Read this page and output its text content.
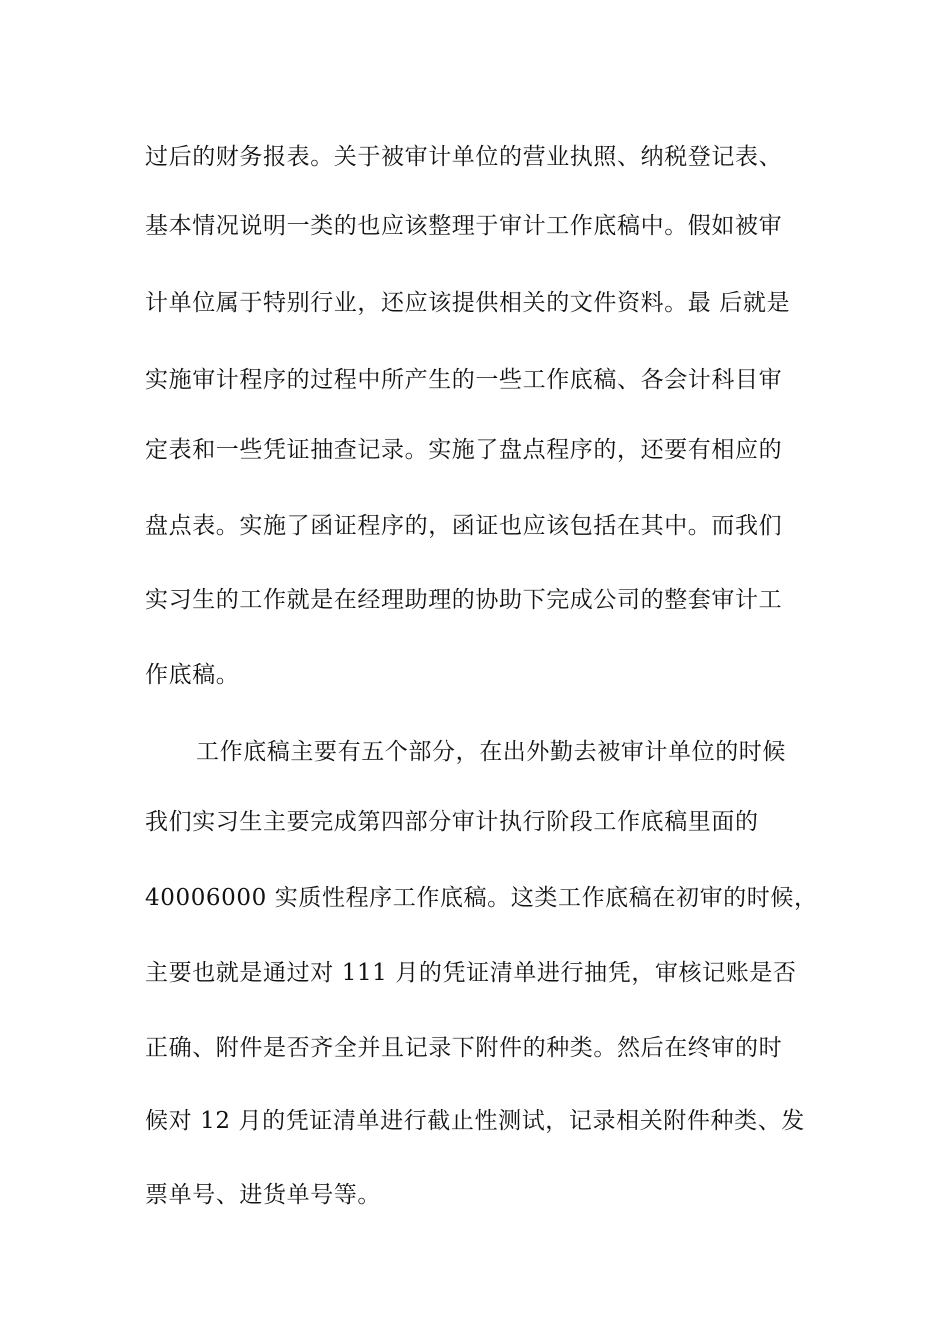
过后的财务报表。关于被审计单位的营业执照、纳税登记表、
基本情况说明一类的也应该整理于审计工作底稿中。假如被审
计单位属于特别行业，还应该提供相关的文件资料。最 后就是
实施审计程序的过程中所产生的一些工作底稿、各会计科目审
定表和一些凭证抽查记录。实施了盘点程序的，还要有相应的
盘点表。实施了函证程序的，函证也应该包括在其中。而我们
实习生的工作就是在经理助理的协助下完成公司的整套审计工
作底稿。
工作底稿主要有五个部分，在出外勤去被审计单位的时候
我们实习生主要完成第四部分审计执行阶段工作底稿里面的
40006000 实质性程序工作底稿。这类工作底稿在初审的时候，
主要也就是通过对 111 月的凭证清单进行抽凭，审核记账是否
正确、附件是否齐全并且记录下附件的种类。然后在终审的时
候对 12 月的凭证清单进行截止性测试，记录相关附件种类、发
票单号、进货单号等。
